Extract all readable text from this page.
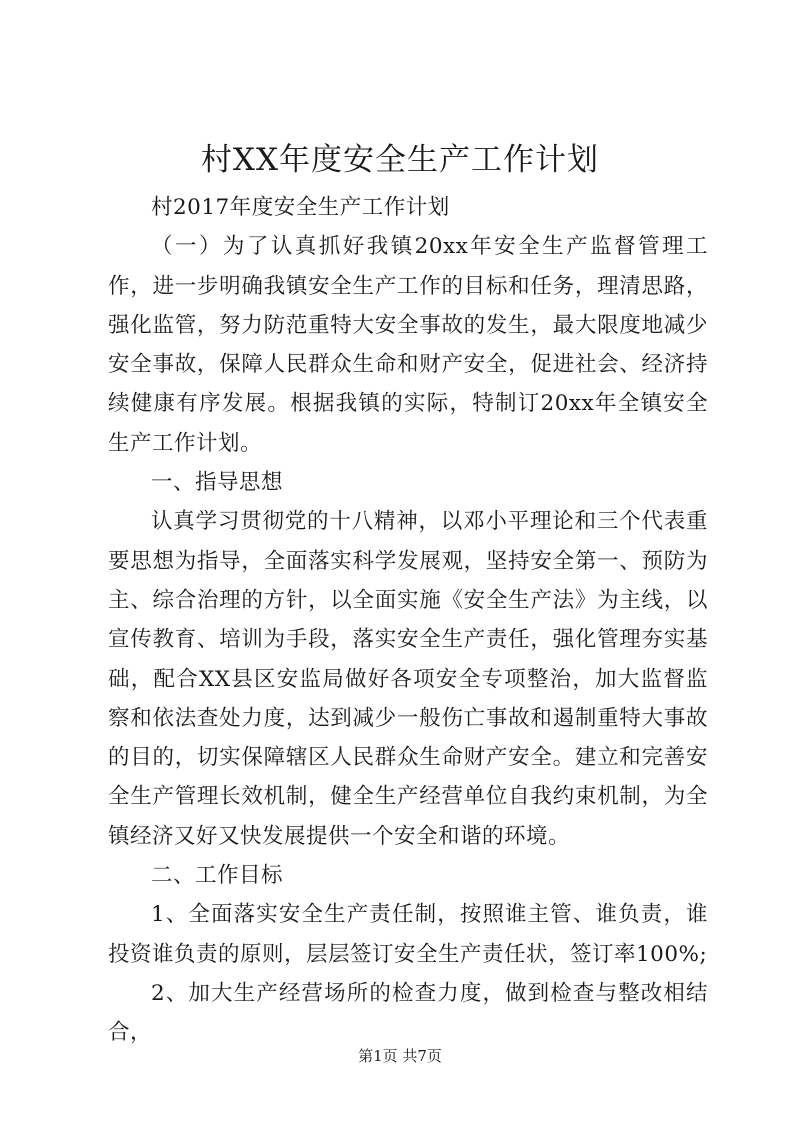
村XX年度安全生产工作计划

村2017年度安全生产工作计划

（一）为了认真抓好我镇20xx年安全生产监督管理工作，进一步明确我镇安全生产工作的目标和任务，理清思路，强化监管，努力防范重特大安全事故的发生，最大限度地减少安全事故，保障人民群众生命和财产安全，促进社会、经济持续健康有序发展。根据我镇的实际，特制订20xx年全镇安全生产工作计划。

一、指导思想

认真学习贯彻党的十八精神，以邓小平理论和三个代表重要思想为指导，全面落实科学发展观，坚持安全第一、预防为主、综合治理的方针，以全面实施《安全生产法》为主线，以宣传教育、培训为手段，落实安全生产责任，强化管理夯实基础，配合XX县区安监局做好各项安全专项整治，加大监督监察和依法查处力度，达到减少一般伤亡事故和遏制重特大事故的目的，切实保障辖区人民群众生命财产安全。建立和完善安全生产管理长效机制，健全生产经营单位自我约束机制，为全镇经济又好又快发展提供一个安全和谐的环境。

二、工作目标

1、全面落实安全生产责任制，按照谁主管、谁负责，谁投资谁负责的原则，层层签订安全生产责任状，签订率100%;

2、加大生产经营场所的检查力度，做到检查与整改相结合，

第1页 共7页
